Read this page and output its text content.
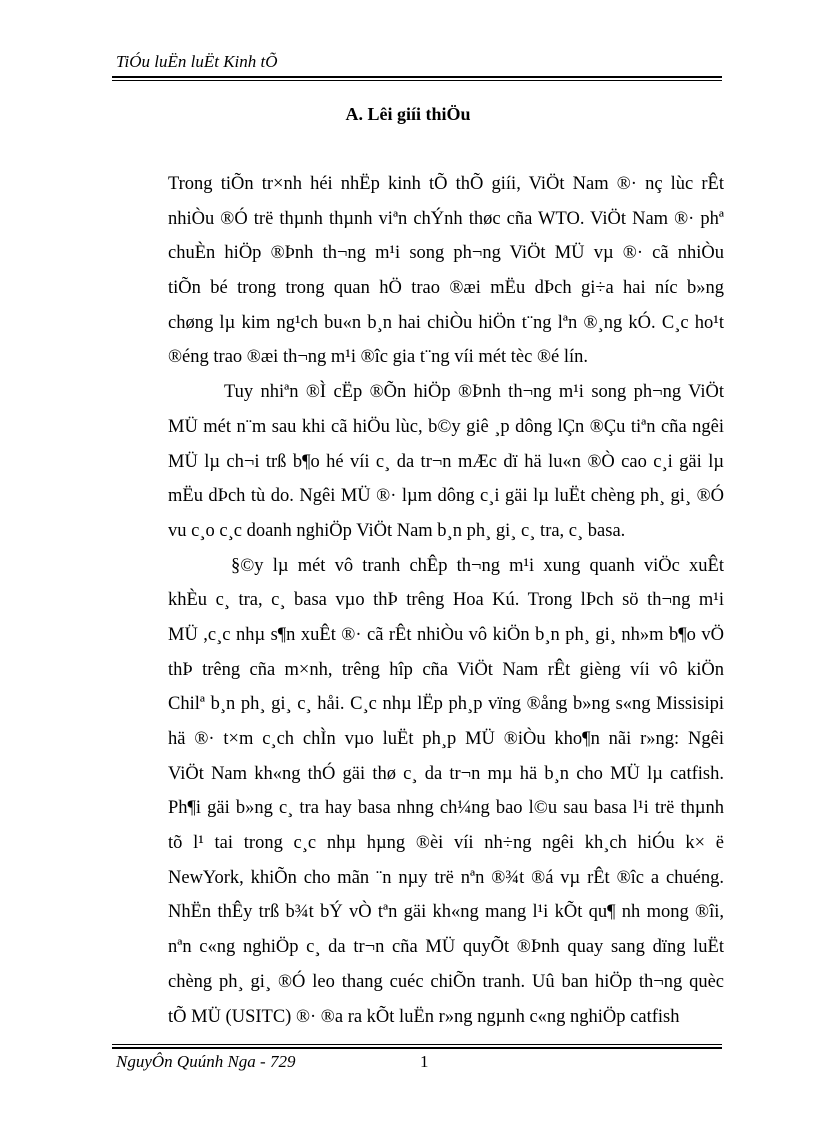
TiÓu luËn luËt Kinh tÕ
A. Lêi giíi thiÖu
Trong tiÕn tr×nh héi nhËp kinh tÕ thÕ giíi, ViÖt Nam ®· nç lùc rÊt
nhiÒu ®Ó trë thµnh thµnh viªn chÝnh thøc cña WTO. ViÖt Nam ®· phª
chuÈn hiÖp ®Þnh th¬ng m¹i song ph¬ng ViÖt MÜ vµ ®· cã nhiÒu
tiÕn bé trong trong quan hÖ trao ®æi mËu dÞch gi÷a hai níc b»ng
chøng lµ kim ng¹ch bu«n b¸n hai chiÒu hiÖn t¨ng lªn ®¸ng kÓ. C¸c ho¹t
®éng trao ®æi th¬ng m¹i ®îc gia t¨ng víi mét tèc ®é lín.
Tuy nhiªn ®Ì cËp ®Õn hiÖp ®Þnh th¬ng m¹i song ph¬ng ViÖt
MÜ mét n¨m sau khi cã hiÖu lùc, b©y giê ¸p dông lÇn ®Çu tiªn cña ngêi
MÜ lµ ch¬i trß b¶o hé víi c¸ da tr¬n mÆc dï hä lu«n ®Ò cao c¸i gäi lµ
mËu dÞch tù do. Ngêi MÜ ®· lµm dông c¸i gäi lµ luËt chèng ph¸ gi¸ ®Ó
vu c¸o c¸c doanh nghiÖp ViÖt Nam b¸n ph¸ gi¸ c¸ tra, c¸ basa.
§©y lµ mét vô tranh chÊp th¬ng m¹i xung quanh viÖc xuÊt
khÈu c¸ tra, c¸ basa vµo thÞ trêng Hoa Kú. Trong lÞch sö th¬ng m¹i
MÜ ,c¸c nhµ s¶n xuÊt ®· cã rÊt nhiÒu vô kiÖn b¸n ph¸ gi¸ nh»m b¶o vÖ
thÞ trêng cña m×nh, trêng hîp cña ViÖt Nam rÊt gièng víi vô kiÖn
Chilª b¸n ph¸ gi¸ c¸ håi. C¸c nhµ lËp ph¸p vïng ®ång b»ng s«ng Missisipi
hä ®· t×m c¸ch chÌn vµo luËt ph¸p MÜ ®iÒu kho¶n nãi r»ng: Ngêi
ViÖt Nam kh«ng thÓ gäi thø c¸ da tr¬n mµ hä b¸n cho MÜ lµ catfish.
Ph¶i gäi b»ng c¸ tra hay basa nhng ch¼ng bao l©u sau basa l¹i trë thµnh
tõ l¹ tai trong c¸c nhµ hµng ®èi víi nh÷ng ngêi kh¸ch hiÓu k× ë
NewYork, khiÕn cho mãn ¨n nµy trë nªn ®¾t ®á vµ rÊt ®îc a chuéng.
NhËn thÊy trß b¾t bÝ vÒ tªn gäi kh«ng mang l¹i kÕt qu¶ nh mong ®îi,
nªn c«ng nghiÖp c¸ da tr¬n cña MÜ quyÕt ®Þnh quay sang dïng luËt
chèng ph¸ gi¸ ®Ó leo thang cuéc chiÕn tranh. Uû ban hiÖp th¬ng quèc
tÕ MÜ (USITC) ®· ®a ra kÕt luËn r»ng ngµnh c«ng nghiÖp catfish
NguyÔn Quúnh Nga - 729	1
